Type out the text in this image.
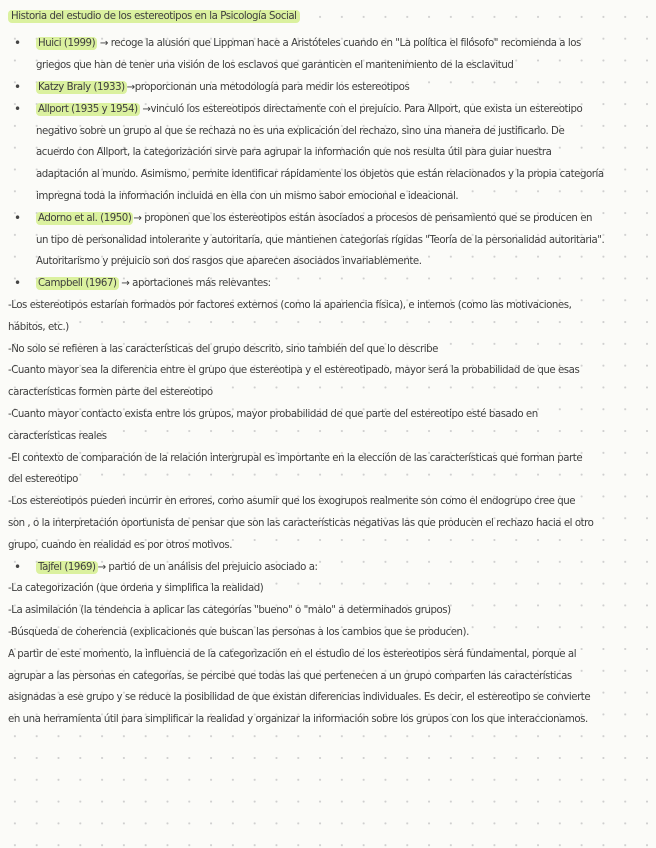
Historia del estudio de los estereotipos en la Psicología Social
• Huici (1999) → recoge la alusión que Lippman hace a Aristóteles cuando en "La política el filósofo" recomienda a los
griegos que han de tener una visión de los esclavos que garanticen el mantenimiento de la esclavitud
• Katzy Braly (1933) →proporcionan una metodología para medir los estereotipos
• Allport (1935 y 1954) →vinculó los estereotipos directamente con el prejuicio. Para Allport, que exista un estereotipo
negativo sobre un grupo al que se rechaza no es una explicación del rechazo, sino una manera de justificarlo. De
acuerdo con Allport, la categorización sirve para agrupar la información que nos resulta útil para guiar nuestra
adaptación al mundo. Asimismo, permite identificar rápidamente los objetos que están relacionados y la propia categoría
impregna toda la información incluida en ella con un mismo sabor emocional e ideacional.
• Adorno et al. (1950) → proponen que los estereotipos están asociados a procesos de pensamiento que se producen en
un tipo de personalidad intolerante y autoritaria, que mantienen categorías rígidas "Teoría de la personalidad autoritaria".
Autoritarismo y prejuicio son dos rasgos que aparecen asociados invariablemente.
• Campbell (1967) → aportaciones más relevantes:
-Los estereotipos estarían formados por factores externos (como la apariencia física), e internos (como las motivaciones,
hábitos, etc.)
-No solo se refieren a las características del grupo descrito, sino también del que lo describe
-Cuanto mayor sea la diferencia entre el grupo que estereotipa y el estereotipado, mayor será la probabilidad de que esas
características formen parte del estereotipo
-Cuanto mayor contacto exista entre los grupos, mayor probabilidad de que parte del estereotipo esté basado en
características reales
-El contexto de comparación de la relación intergrupal es importante en la elección de las características que forman parte
del estereotipo
-Los estereotipos pueden incurrir en errores, como asumir que los exogrupos realmente son como el endogrupo cree que
son , o la interpretación oportunista de pensar que son las características negativas las que producen el rechazo hacia el otro
grupo, cuando en realidad es por otros motivos.
• Tajfel (1969) → partió de un análisis del prejuicio asociado a:
-La categorización (que ordena y simplifica la realidad)
-La asimilación (la tendencia a aplicar las categorías "bueno" o "malo" a determinados grupos)
-Búsqueda de coherencia (explicaciones que buscan las personas a los cambios que se producen).
A partir de este momento, la influencia de la categorización en el estudio de los estereotipos será fundamental, porque al
agrupar a las personas en categorías, se percibe que todas las que pertenecen a un grupo comparten las características
asignadas a ese grupo y se reduce la posibilidad de que existan diferencias individuales. Es decir, el estereotipo se convierte
en una herramienta útil para simplificar la realidad y organizar la información sobre los grupos con los que interaccionamos.
